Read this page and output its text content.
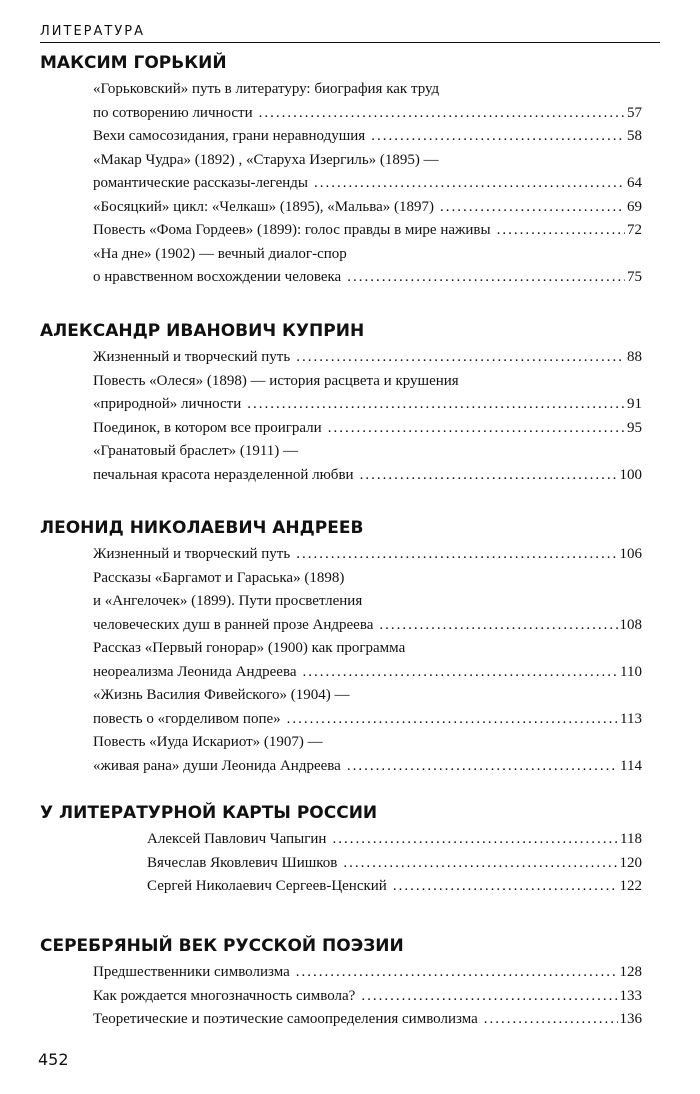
ЛИТЕРАТУРА
МАКСИМ ГОРЬКИЙ
«Горьковский» путь в литературу: биография как труд
по сотворению личности .....	57
Вехи самосозидания, грани неравнодушия .....	58
«Макар Чудра» (1892) , «Старуха Изергиль» (1895) —
романтические рассказы-легенды .....	64
«Босяцкий» цикл: «Челкаш» (1895), «Мальва» (1897) .....	69
Повесть «Фома Гордеев» (1899): голос правды в мире наживы .....	72
«На дне» (1902) — вечный диалог-спор
о нравственном восхождении человека .....	75
АЛЕКСАНДР ИВАНОВИЧ КУПРИН
Жизненный и творческий путь .....	88
Повесть «Олеся» (1898) — история расцвета и крушения
«природной» личности .....	91
Поединок, в котором все проиграли .....	95
«Гранатовый браслет» (1911) —
печальная красота неразделенной любви .....	100
ЛЕОНИД НИКОЛАЕВИЧ АНДРЕЕВ
Жизненный и творческий путь .....	106
Рассказы «Баргамот и Гараська» (1898)
и «Ангелочек» (1899). Пути просветления
человеческих душ в ранней прозе Андреева .....	108
Рассказ «Первый гонорар» (1900) как программа
неореализма Леонида Андреева .....	110
«Жизнь Василия Фивейского» (1904) —
повесть о «горделивом попе» .....	113
Повесть «Иуда Искариот» (1907) —
«живая рана» души Леонида Андреева .....	114
У ЛИТЕРАТУРНОЙ КАРТЫ РОССИИ
Алексей Павлович Чапыгин .....	118
Вячеслав Яковлевич Шишков .....	120
Сергей Николаевич Сергеев-Ценский .....	122
СЕРЕБРЯНЫЙ ВЕК РУССКОЙ ПОЭЗИИ
Предшественники символизма .....	128
Как рождается многозначность символа? .....	133
Теоретические и поэтические самоопределения символизма .....	136
452
